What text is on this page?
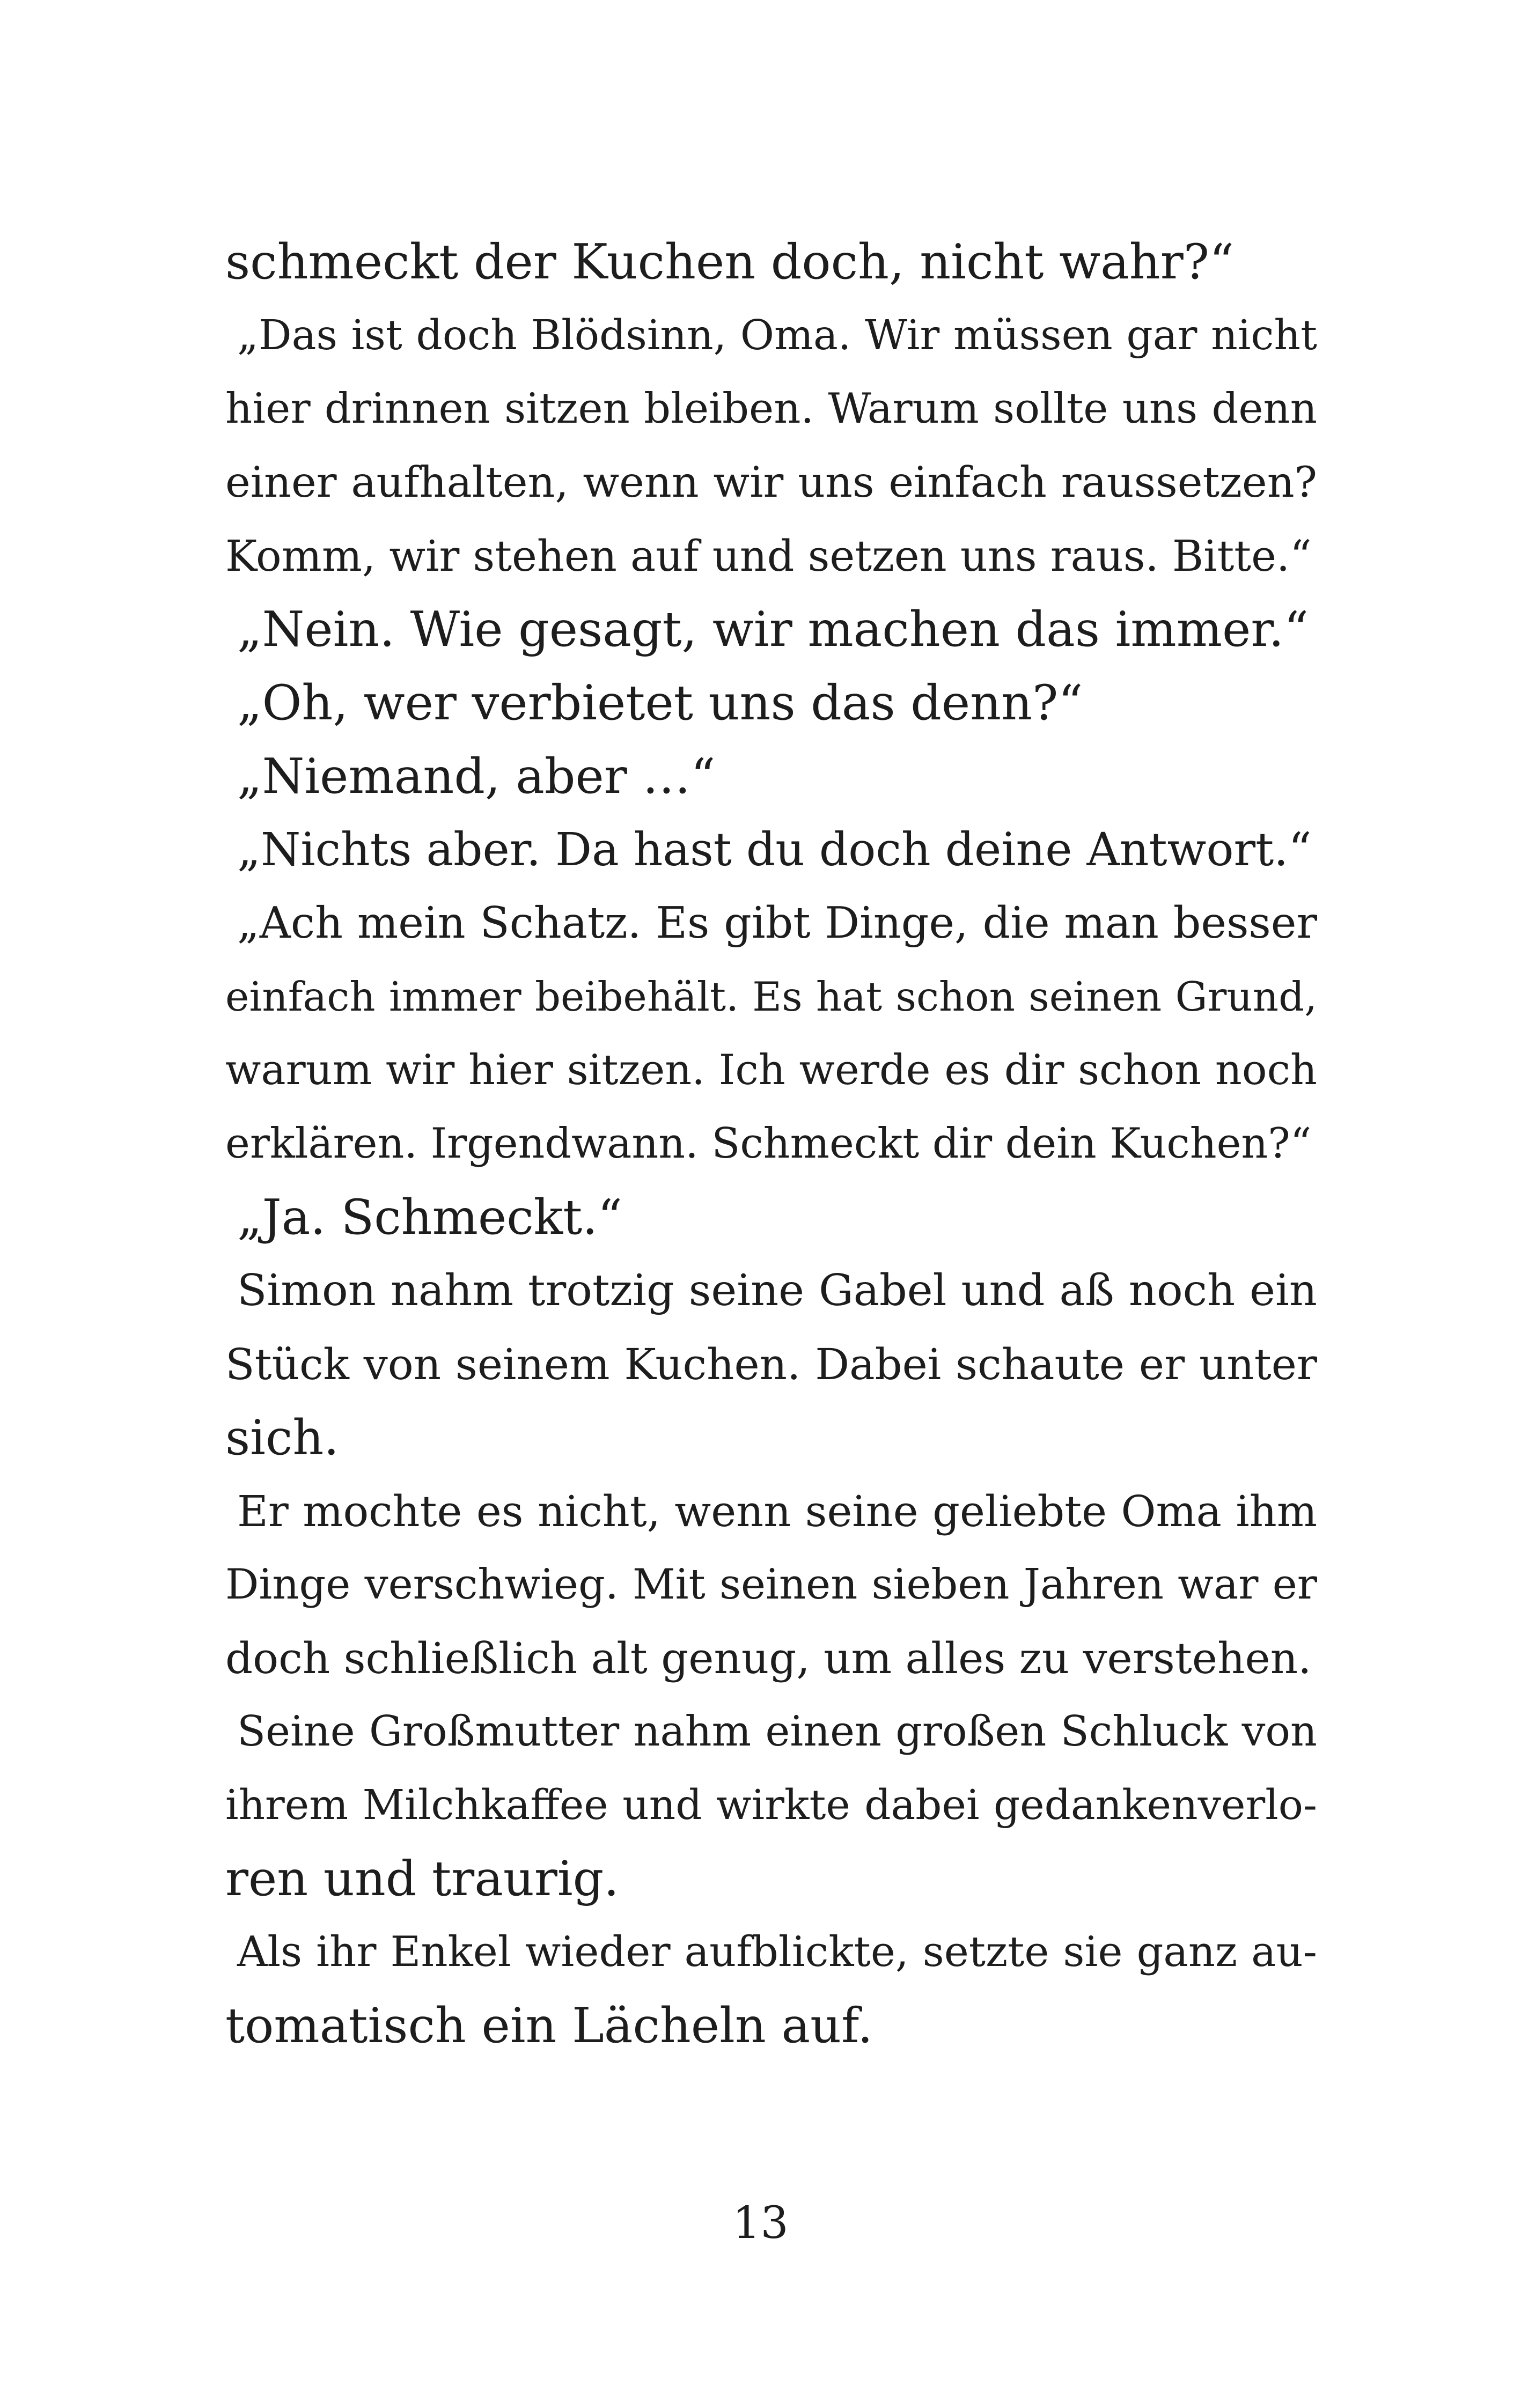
schmeckt der Kuchen doch, nicht wahr?“
„Das ist doch Blödsinn, Oma. Wir müssen gar nicht
hier drinnen sitzen bleiben. Warum sollte uns denn
einer aufhalten, wenn wir uns einfach raussetzen?
Komm, wir stehen auf und setzen uns raus. Bitte.“
„Nein. Wie gesagt, wir machen das immer.“
„Oh, wer verbietet uns das denn?“
„Niemand, aber …“
„Nichts aber. Da hast du doch deine Antwort.“
„Ach mein Schatz. Es gibt Dinge, die man besser
einfach immer beibehält. Es hat schon seinen Grund,
warum wir hier sitzen. Ich werde es dir schon noch
erklären. Irgendwann. Schmeckt dir dein Kuchen?“
„Ja. Schmeckt.“
Simon nahm trotzig seine Gabel und aß noch ein
Stück von seinem Kuchen. Dabei schaute er unter
sich.
Er mochte es nicht, wenn seine geliebte Oma ihm
Dinge verschwieg. Mit seinen sieben Jahren war er
doch schließlich alt genug, um alles zu verstehen.
Seine Großmutter nahm einen großen Schluck von
ihrem Milchkaffee und wirkte dabei gedankenverlo-
ren und traurig.
Als ihr Enkel wieder aufblickte, setzte sie ganz au-
tomatisch ein Lächeln auf.
13
